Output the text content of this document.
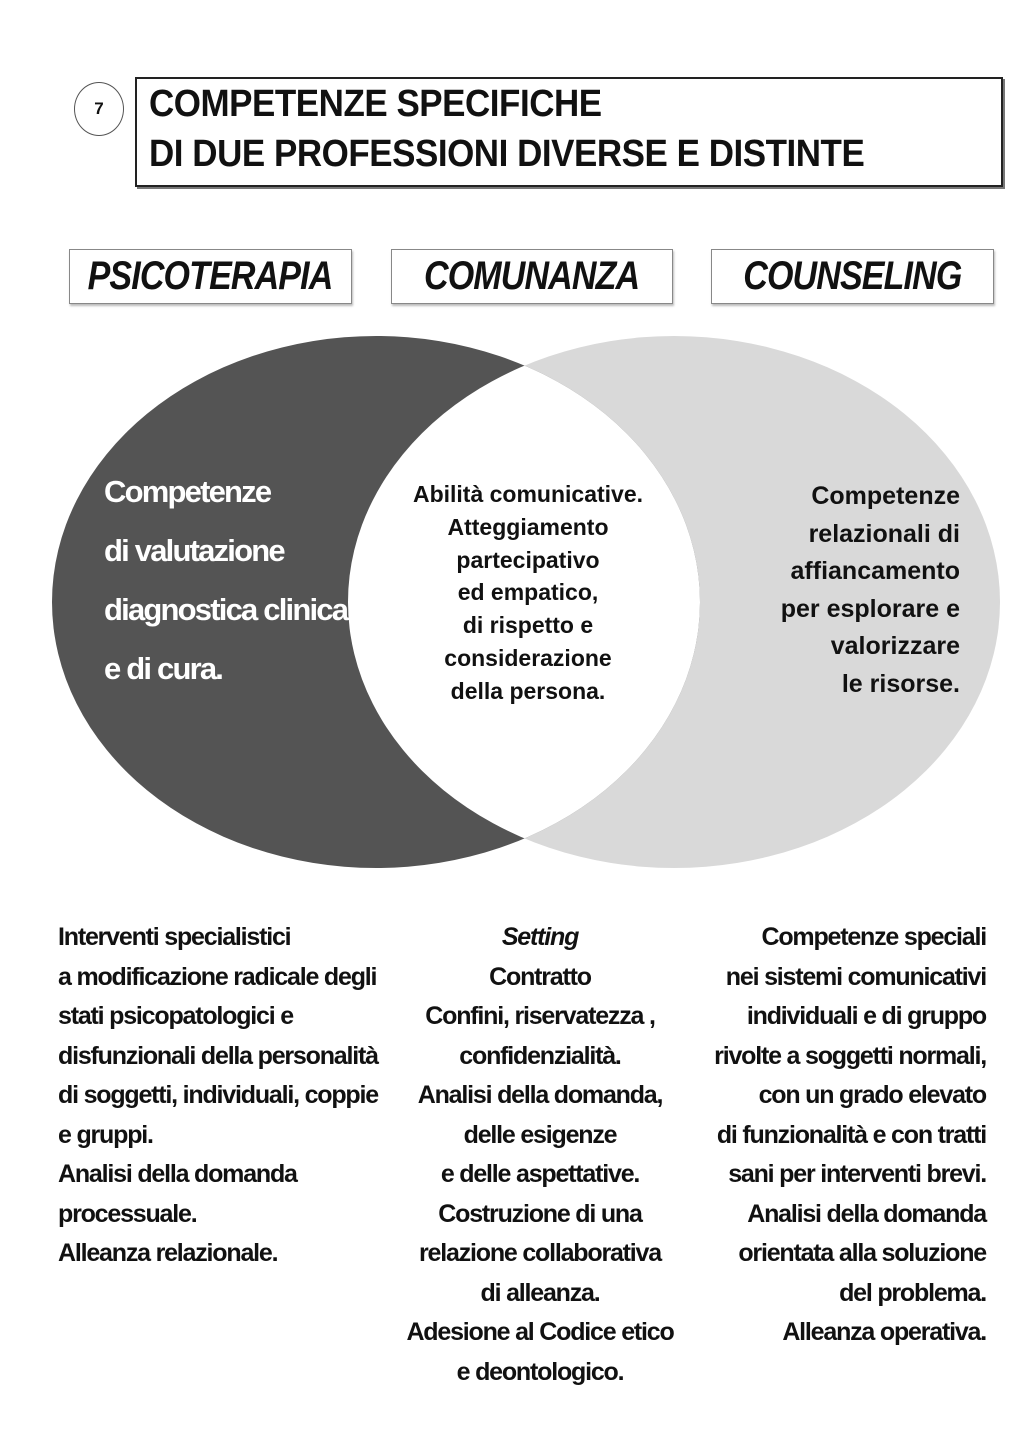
7 COMPETENZE SPECIFICHE
DI DUE PROFESSIONI DIVERSE E DISTINTE
PSICOTERAPIA COMUNANZA	COUNSELING
Competenze
di valutazione
diagnostica clinica
e di cura.
Abilità comunicative.
Atteggiamento
partecipativo
ed empatico,
di rispetto e
considerazione
della persona.
Competenze
relazionali di
affiancamento
per esplorare e
valorizzare
le risorse.
Interventi specialistici
a modificazione radicale degli
stati psicopatologici e
disfunzionali della personalità
di soggetti, individuali, coppie
e gruppi.
Analisi della domanda
processuale.
Alleanza relazionale.
Setting
Contratto
Confini, riservatezza ,
confidenzialità.
Analisi della domanda,
delle esigenze
e delle aspettative.
Costruzione di una
relazione collaborativa
di alleanza.
Adesione al Codice etico
e deontologico.
Competenze speciali
nei sistemi comunicativi
individuali e di gruppo
rivolte a soggetti normali,
con un grado elevato
di funzionalità e con tratti
sani per interventi brevi.
Analisi della domanda
orientata alla soluzione
del problema.
Alleanza operativa.
